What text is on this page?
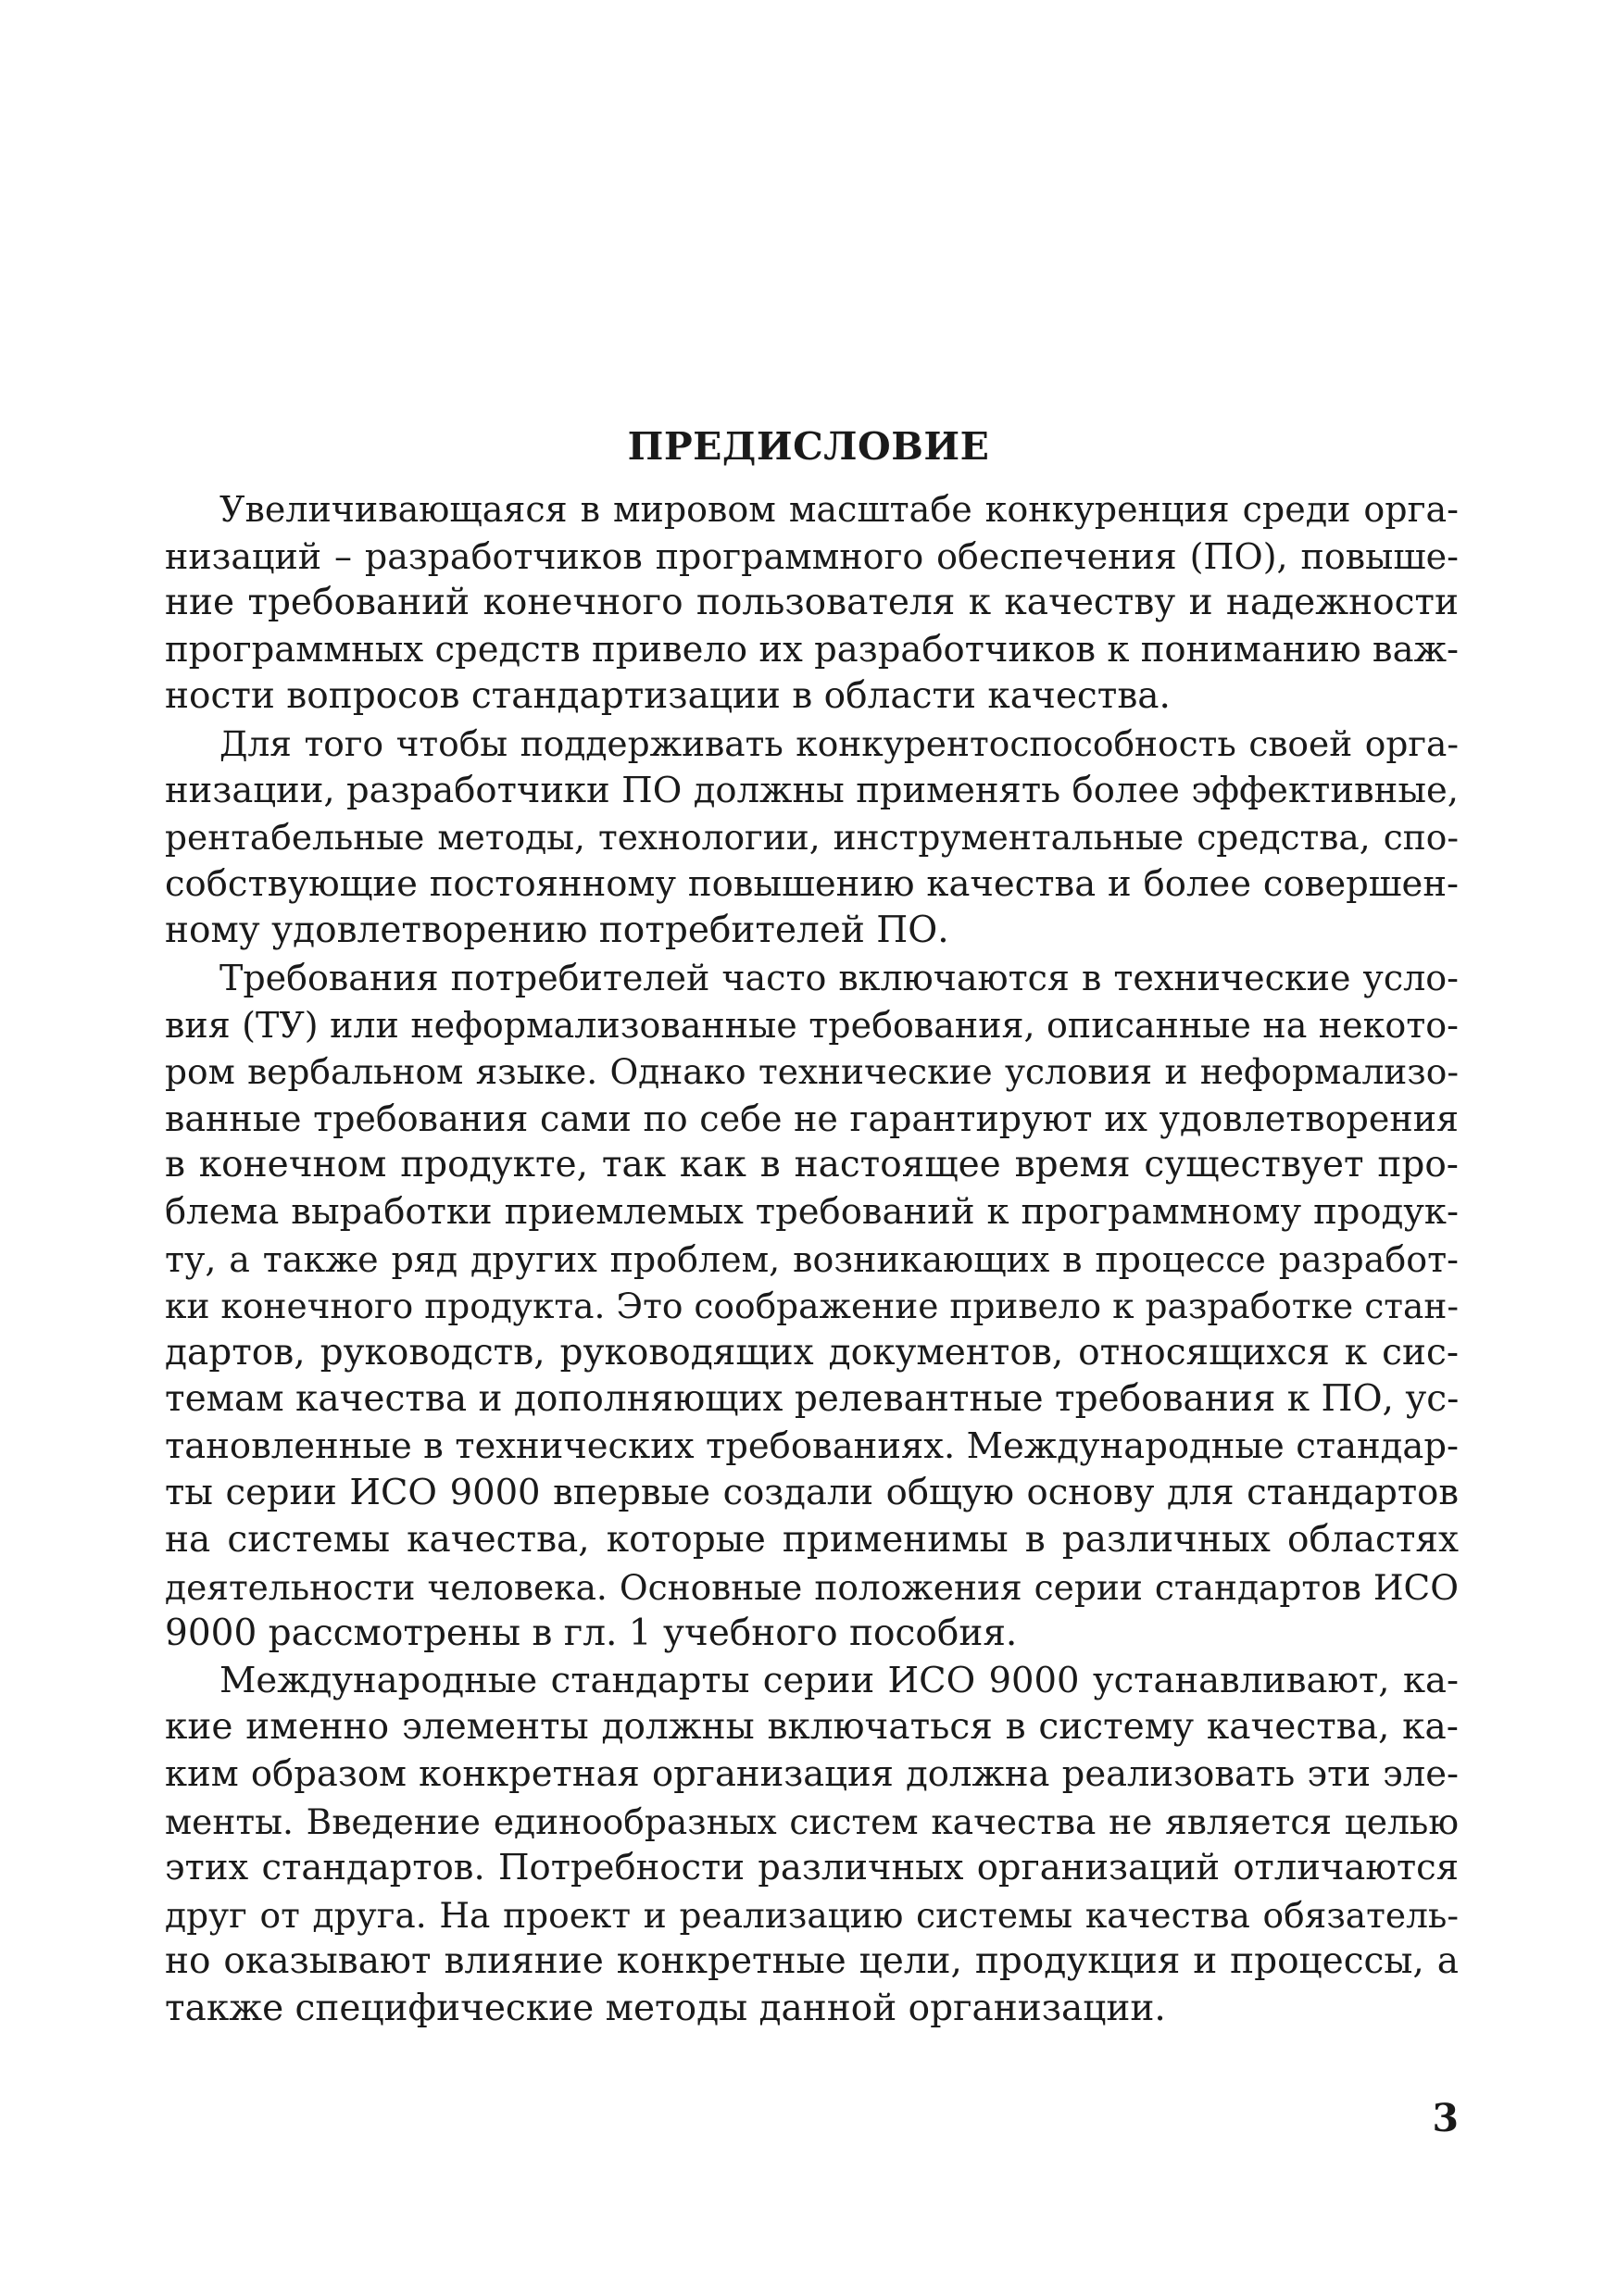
ПРЕДИСЛОВИЕ
Увеличивающаяся в мировом масштабе конкуренция среди орга-
низаций – разработчиков программного обеспечения (ПО), повыше-
ние требований конечного пользователя к качеству и надежности
программных средств привело их разработчиков к пониманию важ-
ности вопросов стандартизации в области качества.
Для того чтобы поддерживать конкурентоспособность своей орга-
низации, разработчики ПО должны применять более эффективные,
рентабельные методы, технологии, инструментальные средства, спо-
собствующие постоянному повышению качества и более совершен-
ному удовлетворению потребителей ПО.
Требования потребителей часто включаются в технические усло-
вия (ТУ) или неформализованные требования, описанные на некото-
ром вербальном языке. Однако технические условия и неформализо-
ванные требования сами по себе не гарантируют их удовлетворения
в конечном продукте, так как в настоящее время существует про-
блема выработки приемлемых требований к программному продук-
ту, а также ряд других проблем, возникающих в процессе разработ-
ки конечного продукта. Это соображение привело к разработке стан-
дартов, руководств, руководящих документов, относящихся к сис-
темам качества и дополняющих релевантные требования к ПО, ус-
тановленные в технических требованиях. Международные стандар-
ты серии ИСО 9000 впервые создали общую основу для стандартов
на системы качества, которые применимы в различных областях
деятельности человека. Основные положения серии стандартов ИСО
9000 рассмотрены в гл. 1 учебного пособия.
Международные стандарты серии ИСО 9000 устанавливают, ка-
кие именно элементы должны включаться в систему качества, ка-
ким образом конкретная организация должна реализовать эти эле-
менты. Введение единообразных систем качества не является целью
этих стандартов. Потребности различных организаций отличаются
друг от друга. На проект и реализацию системы качества обязатель-
но оказывают влияние конкретные цели, продукция и процессы, а
также специфические методы данной организации.
3
